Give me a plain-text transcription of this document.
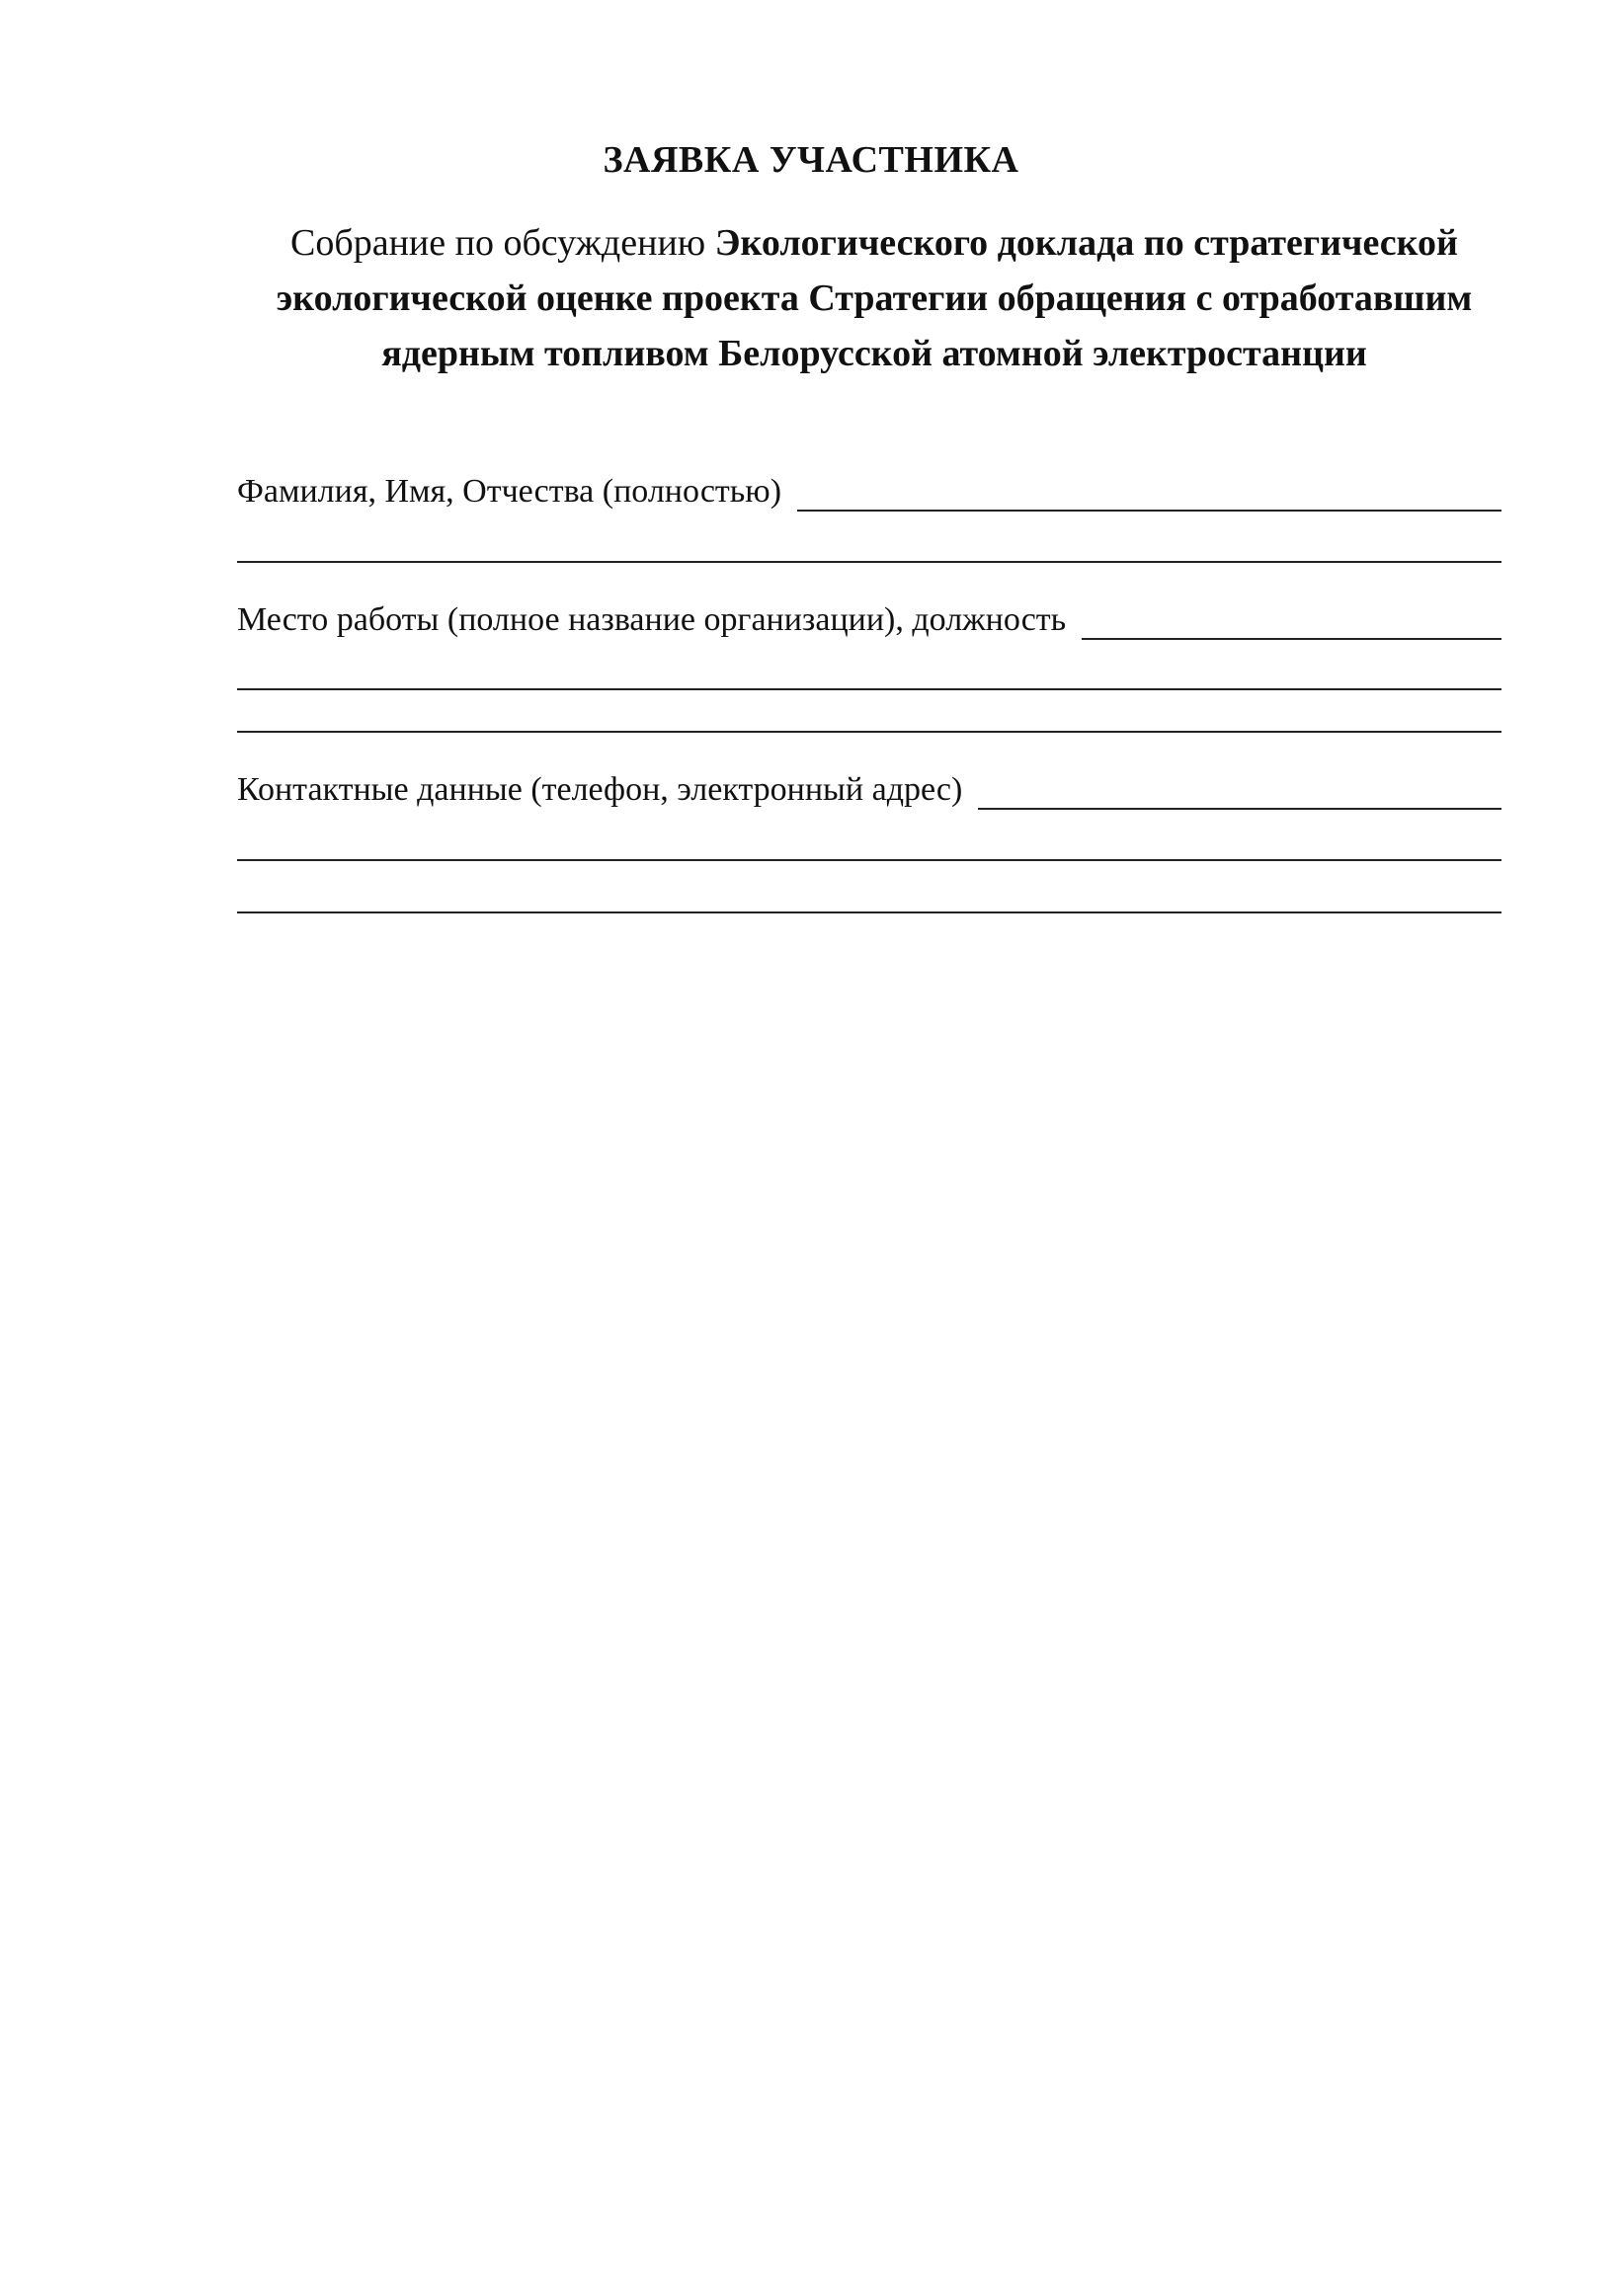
ЗАЯВКА УЧАСТНИКА
Собрание по обсуждению Экологического доклада по стратегической экологической оценке проекта Стратегии обращения с отработавшим ядерным топливом Белорусской атомной электростанции
Фамилия, Имя, Отчества (полностью)
Место работы (полное название организации), должность
Контактные данные (телефон, электронный адрес)
